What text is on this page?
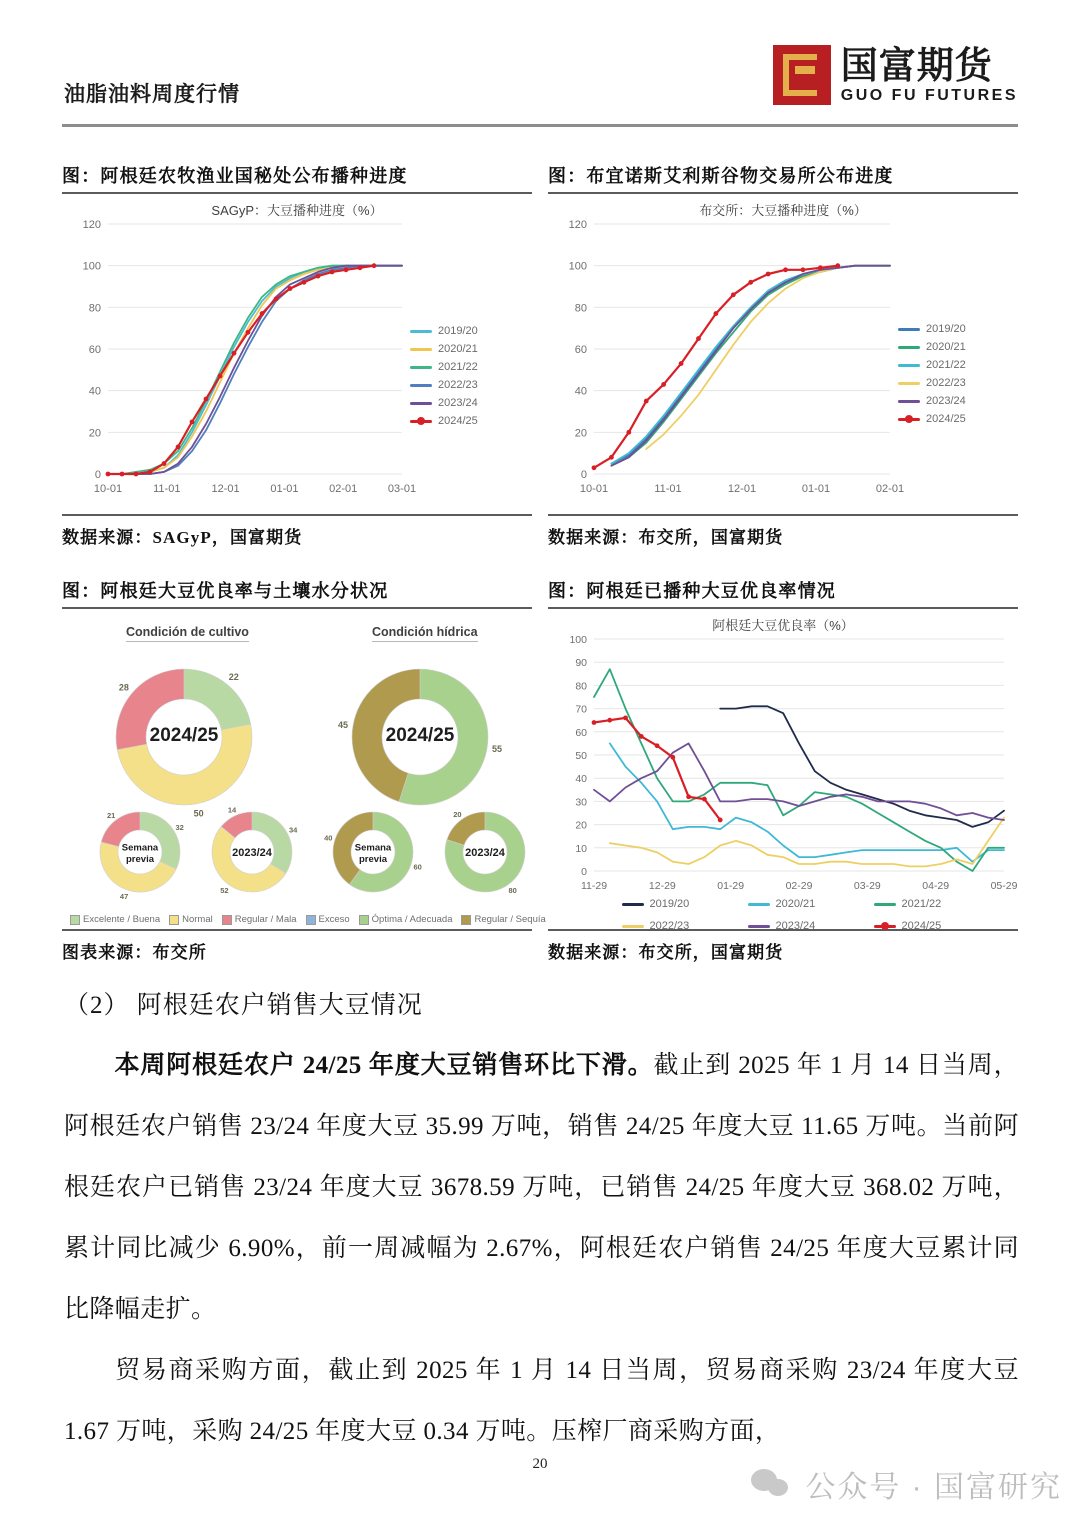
油脂油料周度行情
国富期货
GUO FU FUTURES
图：阿根廷农牧渔业国秘处公布播种进度
SAGyP：大豆播种进度（%）
0
20
40
60
80
100
120
10-01	11-01	12-01	01-01	02-01	03-01
2019/20
2020/21
2021/22
2022/23
2023/24
2024/25
数据来源：SAGyP，国富期货
图：布宜诺斯艾利斯谷物交易所公布进度
布交所：大豆播种进度（%）
0
20
40
60
80
100
120
10-01	11-01	12-01	01-01	02-01
2019/20
2020/21
2021/22
2022/23
2023/24
2024/25
数据来源：布交所，国富期货
图：阿根廷大豆优良率与土壤水分状况
Condición de cultivo	Condición hídrica
22
50
28
2024/25
32
47
21
Semana
previa
34
52
14
2023/24
55
45
2024/25
60
40
Semana
previa
80
20
2023/24
Excelente / Buena Normal Regular / Mala Exceso Óptima / Adecuada Regular / Sequía
图表来源：布交所
图：阿根廷已播种大豆优良率情况
阿根廷大豆优良率（%）
0
10
20
30
40
50
60
70
80
90
100
11-29	12-29	01-29	02-29	03-29	04-29	05-29
2019/20	2020/21	2021/22
2022/23	2023/24	2024/25
数据来源：布交所，国富期货
（2） 阿根廷农户销售大豆情况
本周阿根廷农户 24/25 年度大豆销售环比下滑。截止到 2025 年 1 月 14 日当周，阿根廷农户销售 23/24 年度大豆 35.99 万吨，销售 24/25 年度大豆 11.65 万吨。当前阿根廷农户已销售 23/24 年度大豆 3678.59 万吨，已销售 24/25 年度大豆 368.02 万吨，累计同比减少 6.90%，前一周减幅为 2.67%，阿根廷农户销售 24/25 年度大豆累计同比降幅走扩。
贸易商采购方面，截止到 2025 年 1 月 14 日当周，贸易商采购 23/24 年度大豆 1.67 万吨，采购 24/25 年度大豆 0.34 万吨。压榨厂商采购方面，
20
公众号 · 国富研究
